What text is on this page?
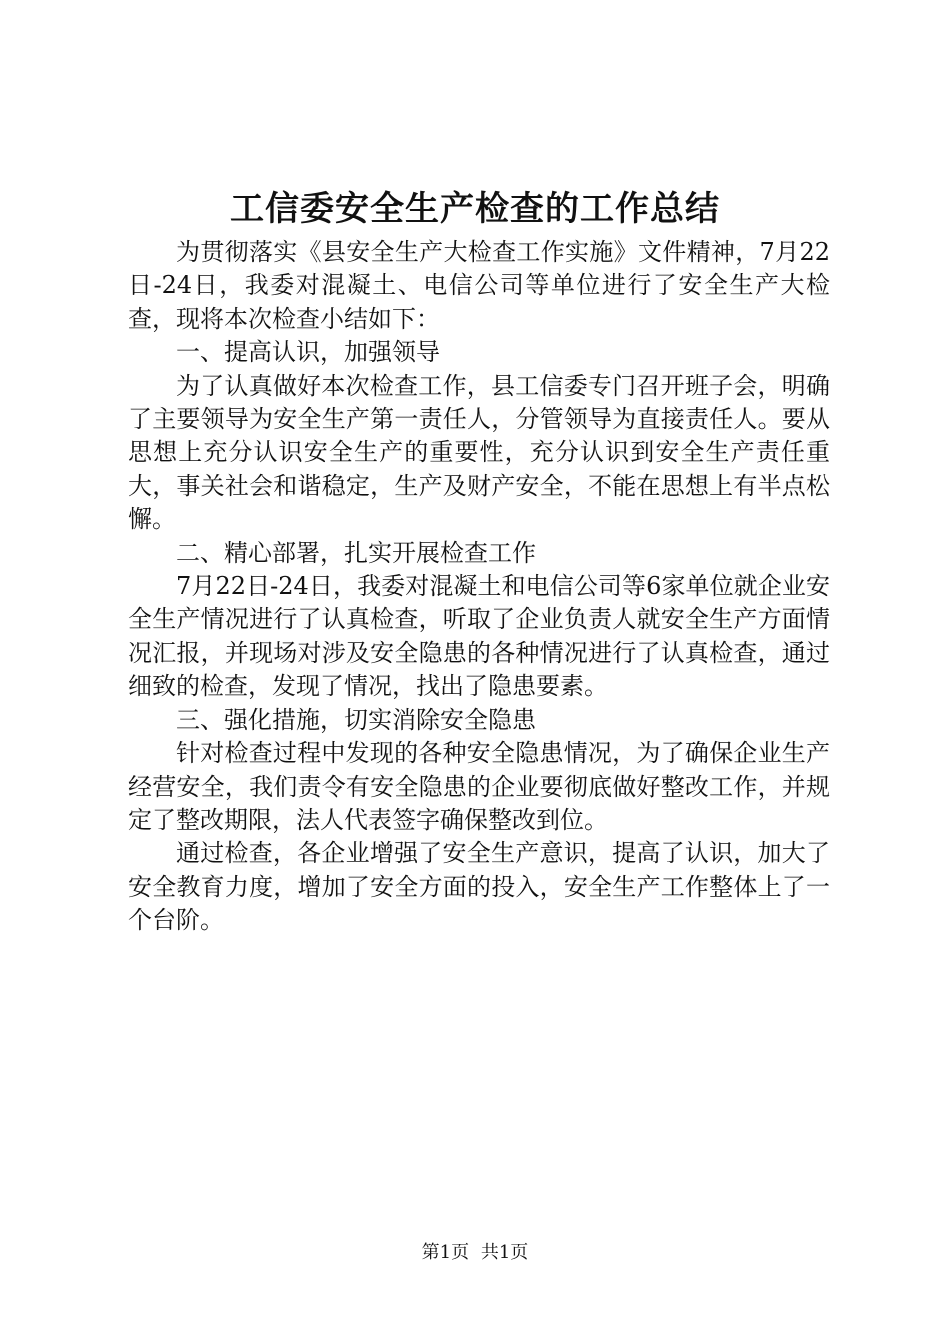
工信委安全生产检查的工作总结

为贯彻落实《县安全生产大检查工作实施》文件精神，7月22日-24日，我委对混凝土、电信公司等单位进行了安全生产大检查，现将本次检查小结如下：

一、提高认识，加强领导

为了认真做好本次检查工作，县工信委专门召开班子会，明确了主要领导为安全生产第一责任人，分管领导为直接责任人。要从思想上充分认识安全生产的重要性，充分认识到安全生产责任重大，事关社会和谐稳定，生产及财产安全，不能在思想上有半点松懈。

二、精心部署，扎实开展检查工作

7月22日-24日，我委对混凝土和电信公司等6家单位就企业安全生产情况进行了认真检查，听取了企业负责人就安全生产方面情况汇报，并现场对涉及安全隐患的各种情况进行了认真检查，通过细致的检查，发现了情况，找出了隐患要素。

三、强化措施，切实消除安全隐患

针对检查过程中发现的各种安全隐患情况，为了确保企业生产经营安全，我们责令有安全隐患的企业要彻底做好整改工作，并规定了整改期限，法人代表签字确保整改到位。

通过检查，各企业增强了安全生产意识，提高了认识，加大了安全教育力度，增加了安全方面的投入，安全生产工作整体上了一个台阶。

第1页 共1页
